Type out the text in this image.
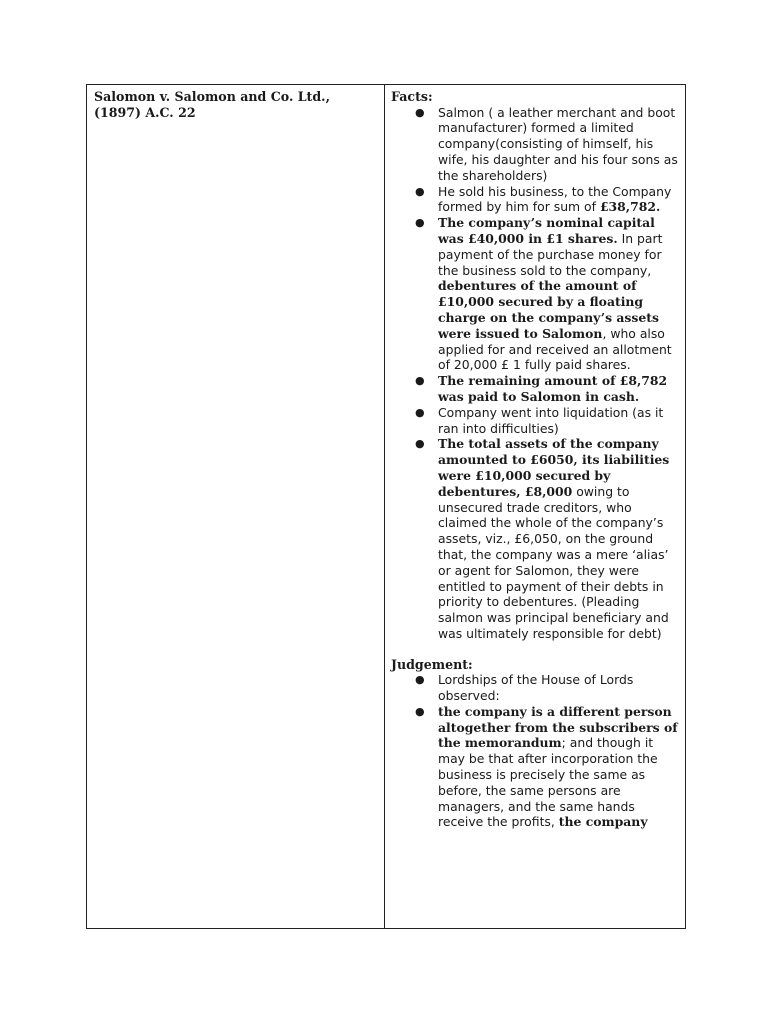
Salomon v. Salomon and Co. Ltd.,
(1897) A.C. 22

Facts:
● Salmon ( a leather merchant and boot manufacturer) formed a limited company(consisting of himself, his wife, his daughter and his four sons as the shareholders)
● He sold his business, to the Company formed by him for sum of £38,782.
● The company’s nominal capital was £40,000 in £1 shares. In part payment of the purchase money for the business sold to the company, debentures of the amount of £10,000 secured by a floating charge on the company’s assets were issued to Salomon, who also applied for and received an allotment of 20,000 £ 1 fully paid shares.
● The remaining amount of £8,782 was paid to Salomon in cash.
● Company went into liquidation (as it ran into difficulties)
● The total assets of the company amounted to £6050, its liabilities were £10,000 secured by debentures, £8,000 owing to unsecured trade creditors, who claimed the whole of the company’s assets, viz., £6,050, on the ground that, the company was a mere ‘alias’ or agent for Salomon, they were entitled to payment of their debts in priority to debentures. (Pleading salmon was principal beneficiary and was ultimately responsible for debt)
Judgement:
● Lordships of the House of Lords observed:
● the company is a different person altogether from the subscribers of the memorandum; and though it may be that after incorporation the business is precisely the same as before, the same persons are managers, and the same hands receive the profits, the company
